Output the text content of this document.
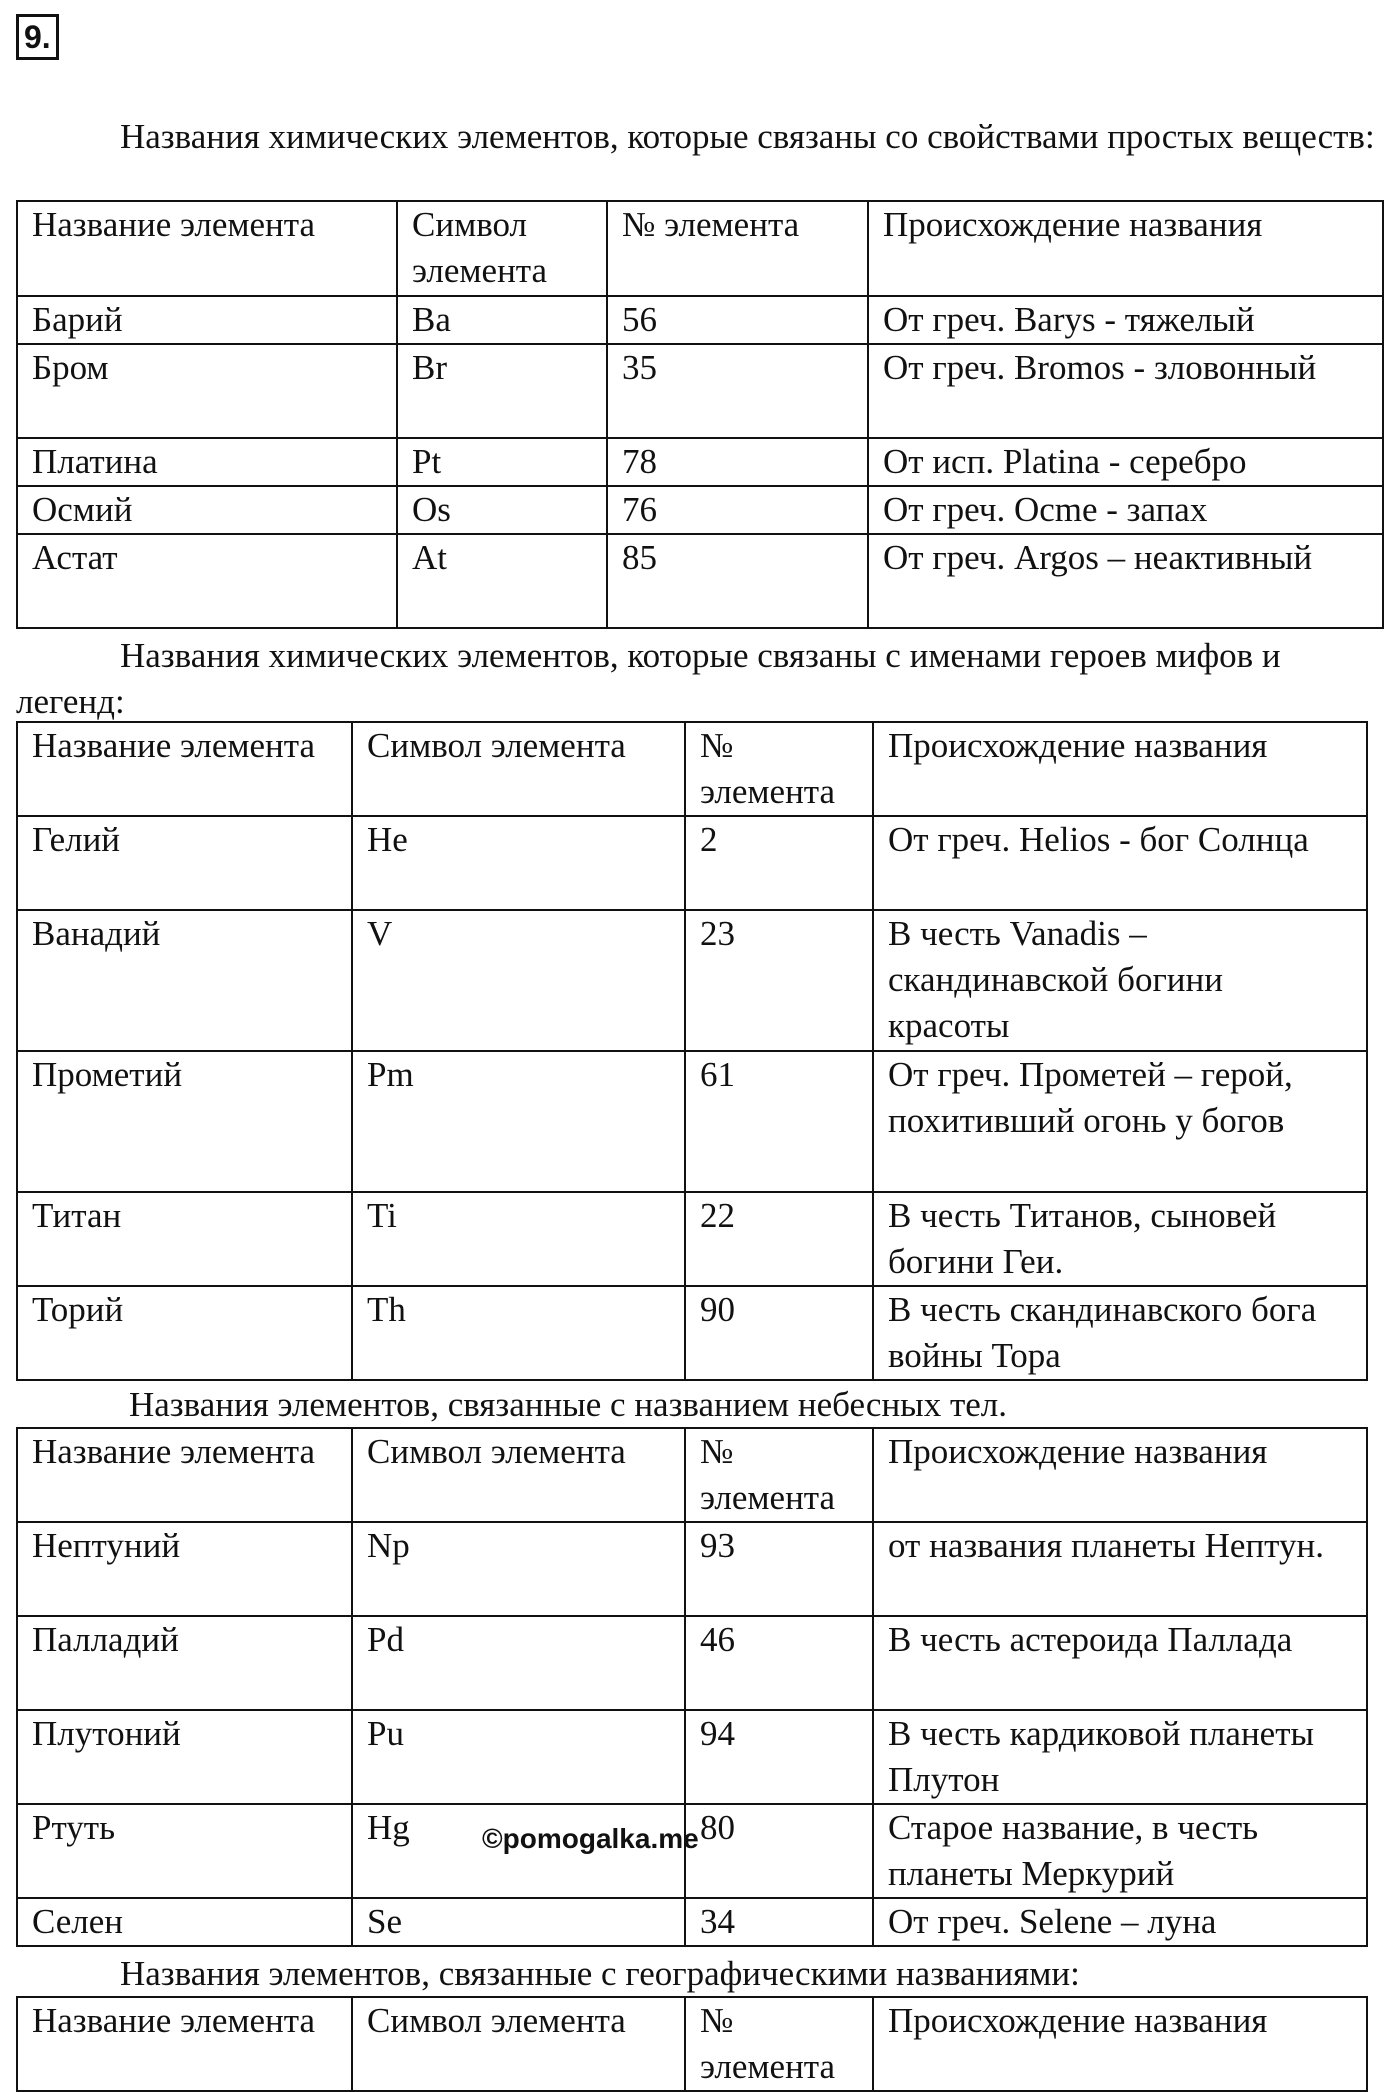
9.

Названия химических элементов, которые связаны со свойствами простых веществ:

Название элемента	Символ элемента	№ элемента	Происхождение названия
Барий	Ba	56	От греч. Barys - тяжелый
Бром	Br	35	От греч. Bromos - зловонный
Платина	Pt	78	От исп. Platina - серебро
Осмий	Os	76	От греч. Ocme - запах
Астат	At	85	От греч. Argos – неактивный

Названия химических элементов, которые связаны с именами героев мифов и легенд:

Название элемента	Символ элемента	№ элемента	Происхождение названия
Гелий	He	2	От греч. Helios - бог Солнца
Ванадий	V	23	В честь Vanadis – скандинавской богини красоты
Прометий	Pm	61	От греч. Прометей – герой, похитивший огонь у богов
Титан	Ti	22	В честь Титанов, сыновей богини Геи.
Торий	Th	90	В честь скандинавского бога войны Тора

Названия элементов, связанные с названием небесных тел.

Название элемента	Символ элемента	№ элемента	Происхождение названия
Нептуний	Np	93	от названия планеты Нептун.
Палладий	Pd	46	В честь астероида Паллада
Плутоний	Pu	94	В честь кардиковой планеты Плутон
Ртуть	Hg	80	Старое название, в честь планеты Меркурий
Селен	Se	34	От греч. Selene – луна

Названия элементов, связанные с географическими названиями:

Название элемента	Символ элемента	№ элемента	Происхождение названия
©pomogalka.me
